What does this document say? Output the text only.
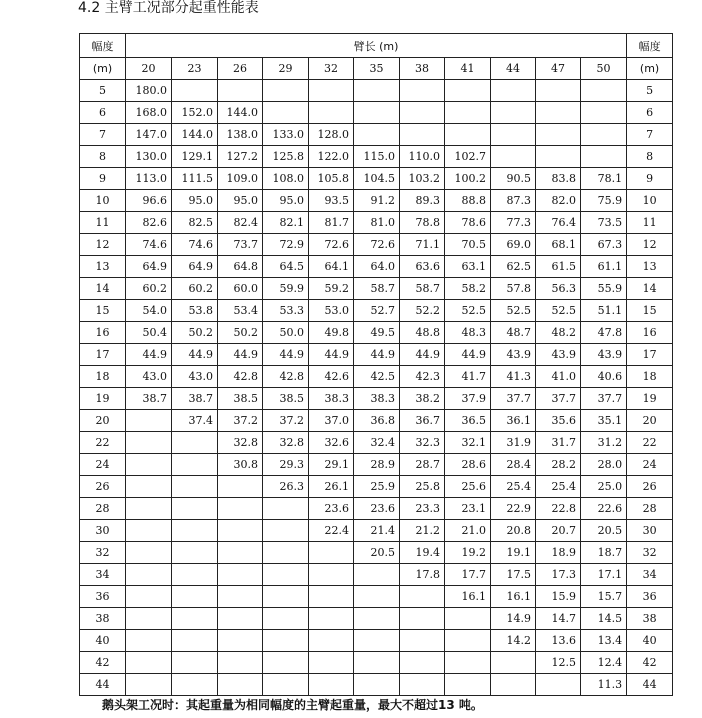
4.2 主臂工况部分起重性能表
幅度	臂长 (m)											幅度
(m)	20	23	26	29	32	35	38	41	44	47	50	(m)
5	180.0											5
6	168.0	152.0	144.0									6
7	147.0	144.0	138.0	133.0	128.0							7
8	130.0	129.1	127.2	125.8	122.0	115.0	110.0	102.7				8
9	113.0	111.5	109.0	108.0	105.8	104.5	103.2	100.2	90.5	83.8	78.1	9
10	96.6	95.0	95.0	95.0	93.5	91.2	89.3	88.8	87.3	82.0	75.9	10
11	82.6	82.5	82.4	82.1	81.7	81.0	78.8	78.6	77.3	76.4	73.5	11
12	74.6	74.6	73.7	72.9	72.6	72.6	71.1	70.5	69.0	68.1	67.3	12
13	64.9	64.9	64.8	64.5	64.1	64.0	63.6	63.1	62.5	61.5	61.1	13
14	60.2	60.2	60.0	59.9	59.2	58.7	58.7	58.2	57.8	56.3	55.9	14
15	54.0	53.8	53.4	53.3	53.0	52.7	52.2	52.5	52.5	52.5	51.1	15
16	50.4	50.2	50.2	50.0	49.8	49.5	48.8	48.3	48.7	48.2	47.8	16
17	44.9	44.9	44.9	44.9	44.9	44.9	44.9	44.9	43.9	43.9	43.9	17
18	43.0	43.0	42.8	42.8	42.6	42.5	42.3	41.7	41.3	41.0	40.6	18
19	38.7	38.7	38.5	38.5	38.3	38.3	38.2	37.9	37.7	37.7	37.7	19
20		37.4	37.2	37.2	37.0	36.8	36.7	36.5	36.1	35.6	35.1	20
22			32.8	32.8	32.6	32.4	32.3	32.1	31.9	31.7	31.2	22
24			30.8	29.3	29.1	28.9	28.7	28.6	28.4	28.2	28.0	24
26				26.3	26.1	25.9	25.8	25.6	25.4	25.4	25.0	26
28					23.6	23.6	23.3	23.1	22.9	22.8	22.6	28
30					22.4	21.4	21.2	21.0	20.8	20.7	20.5	30
32						20.5	19.4	19.2	19.1	18.9	18.7	32
34							17.8	17.7	17.5	17.3	17.1	34
36								16.1	16.1	15.9	15.7	36
38									14.9	14.7	14.5	38
40									14.2	13.6	13.4	40
42										12.5	12.4	42
44											11.3	44
鹅头架工况时：其起重量为相同幅度的主臂起重量，最大不超过13 吨。
